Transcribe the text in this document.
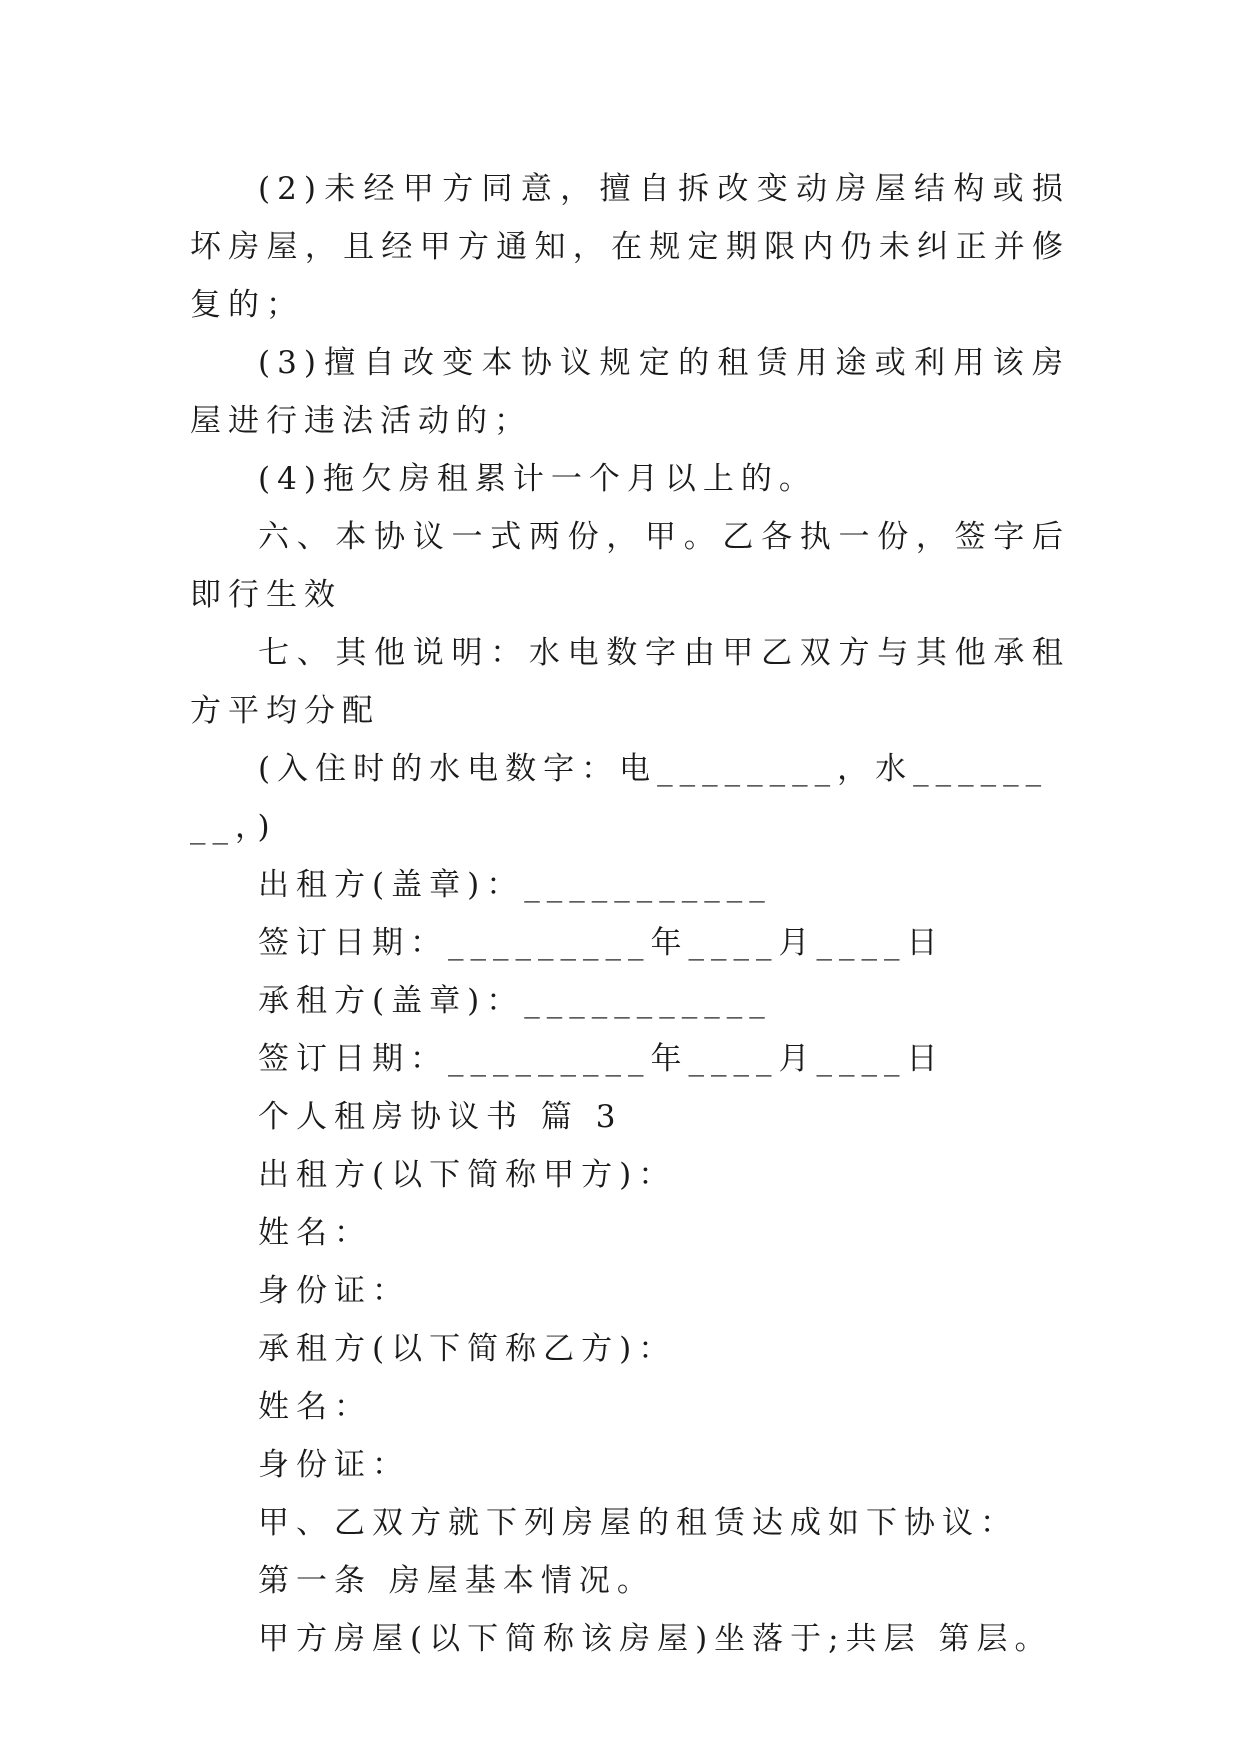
(2)未经甲方同意，擅自拆改变动房屋结构或损坏房屋，且经甲方通知，在规定期限内仍未纠正并修复的；

(3)擅自改变本协议规定的租赁用途或利用该房屋进行违法活动的；

(4)拖欠房租累计一个月以上的。

六、本协议一式两份，甲。乙各执一份，签字后即行生效

七、其他说明：水电数字由甲乙双方与其他承租方平均分配

(入住时的水电数字：电________，水________，)

出租方(盖章)：___________

签订日期：_________年____月____日

承租方(盖章)：___________

签订日期：_________年____月____日

个人租房协议书 篇 3

出租方(以下简称甲方)：

姓名：

身份证：

承租方(以下简称乙方)：

姓名：

身份证：

甲、乙双方就下列房屋的租赁达成如下协议：

第一条 房屋基本情况。

甲方房屋(以下简称该房屋)坐落于;共层 第层。
